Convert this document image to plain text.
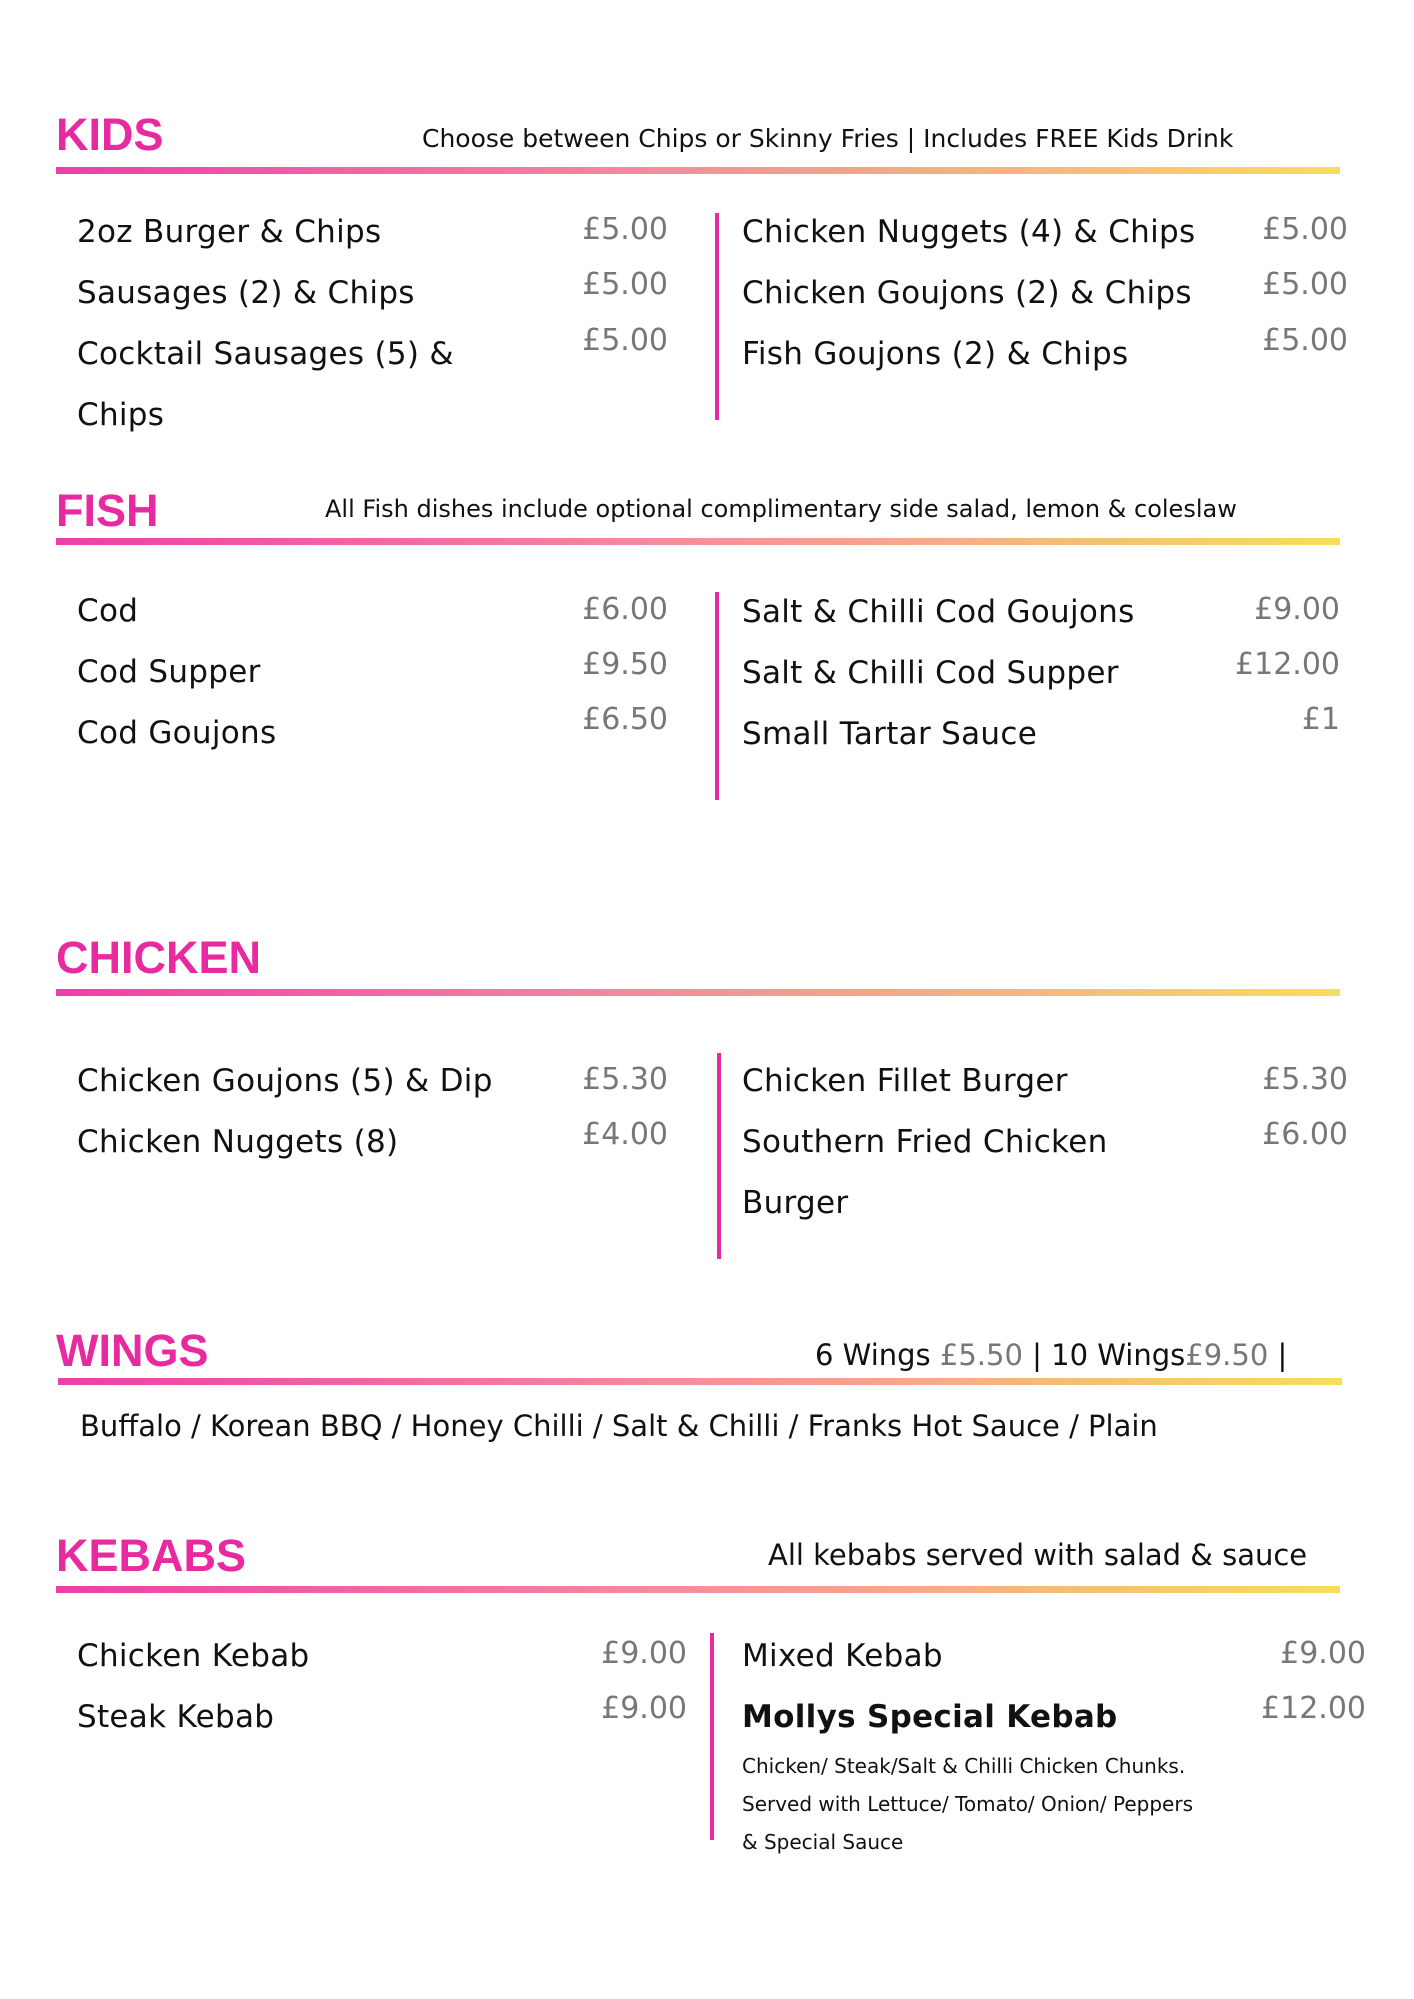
KIDS	Choose between Chips or Skinny Fries | Includes FREE Kids Drink

2oz Burger & Chips	£5.00

Sausages (2) & Chips	£5.00

Cocktail Sausages (5) &	£5.00

Chips

Chicken Nuggets (4) & Chips £5.00

Chicken Goujons (2) & Chips £5.00

Fish Goujons (2) & Chips	£5.00

FISH	All Fish dishes include optional complimentary side salad, lemon & coleslaw

Cod	£6.00

Cod Supper	£9.50

Cod Goujons	£6.50

Salt & Chilli Cod Goujons	£9.00

Salt & Chilli Cod Supper	£12.00

Small Tartar Sauce	£1

CHICKEN

Chicken Goujons (5) & Dip	£5.30

Chicken Nuggets (8)	£4.00

Chicken Fillet Burger	£5.30

Southern Fried Chicken	£6.00

Burger

WINGS	6 Wings £5.50 | 10 Wings£9.50 |

Buffalo / Korean BBQ / Honey Chilli / Salt & Chilli / Franks Hot Sauce / Plain

KEBABS	All kebabs served with salad & sauce

Chicken Kebab	£9.00

Steak Kebab	£9.00

Mixed Kebab	£9.00

Mollys Special Kebab	£12.00

Chicken/ Steak/Salt & Chilli Chicken Chunks.

Served with Lettuce/ Tomato/ Onion/ Peppers

& Special Sauce
